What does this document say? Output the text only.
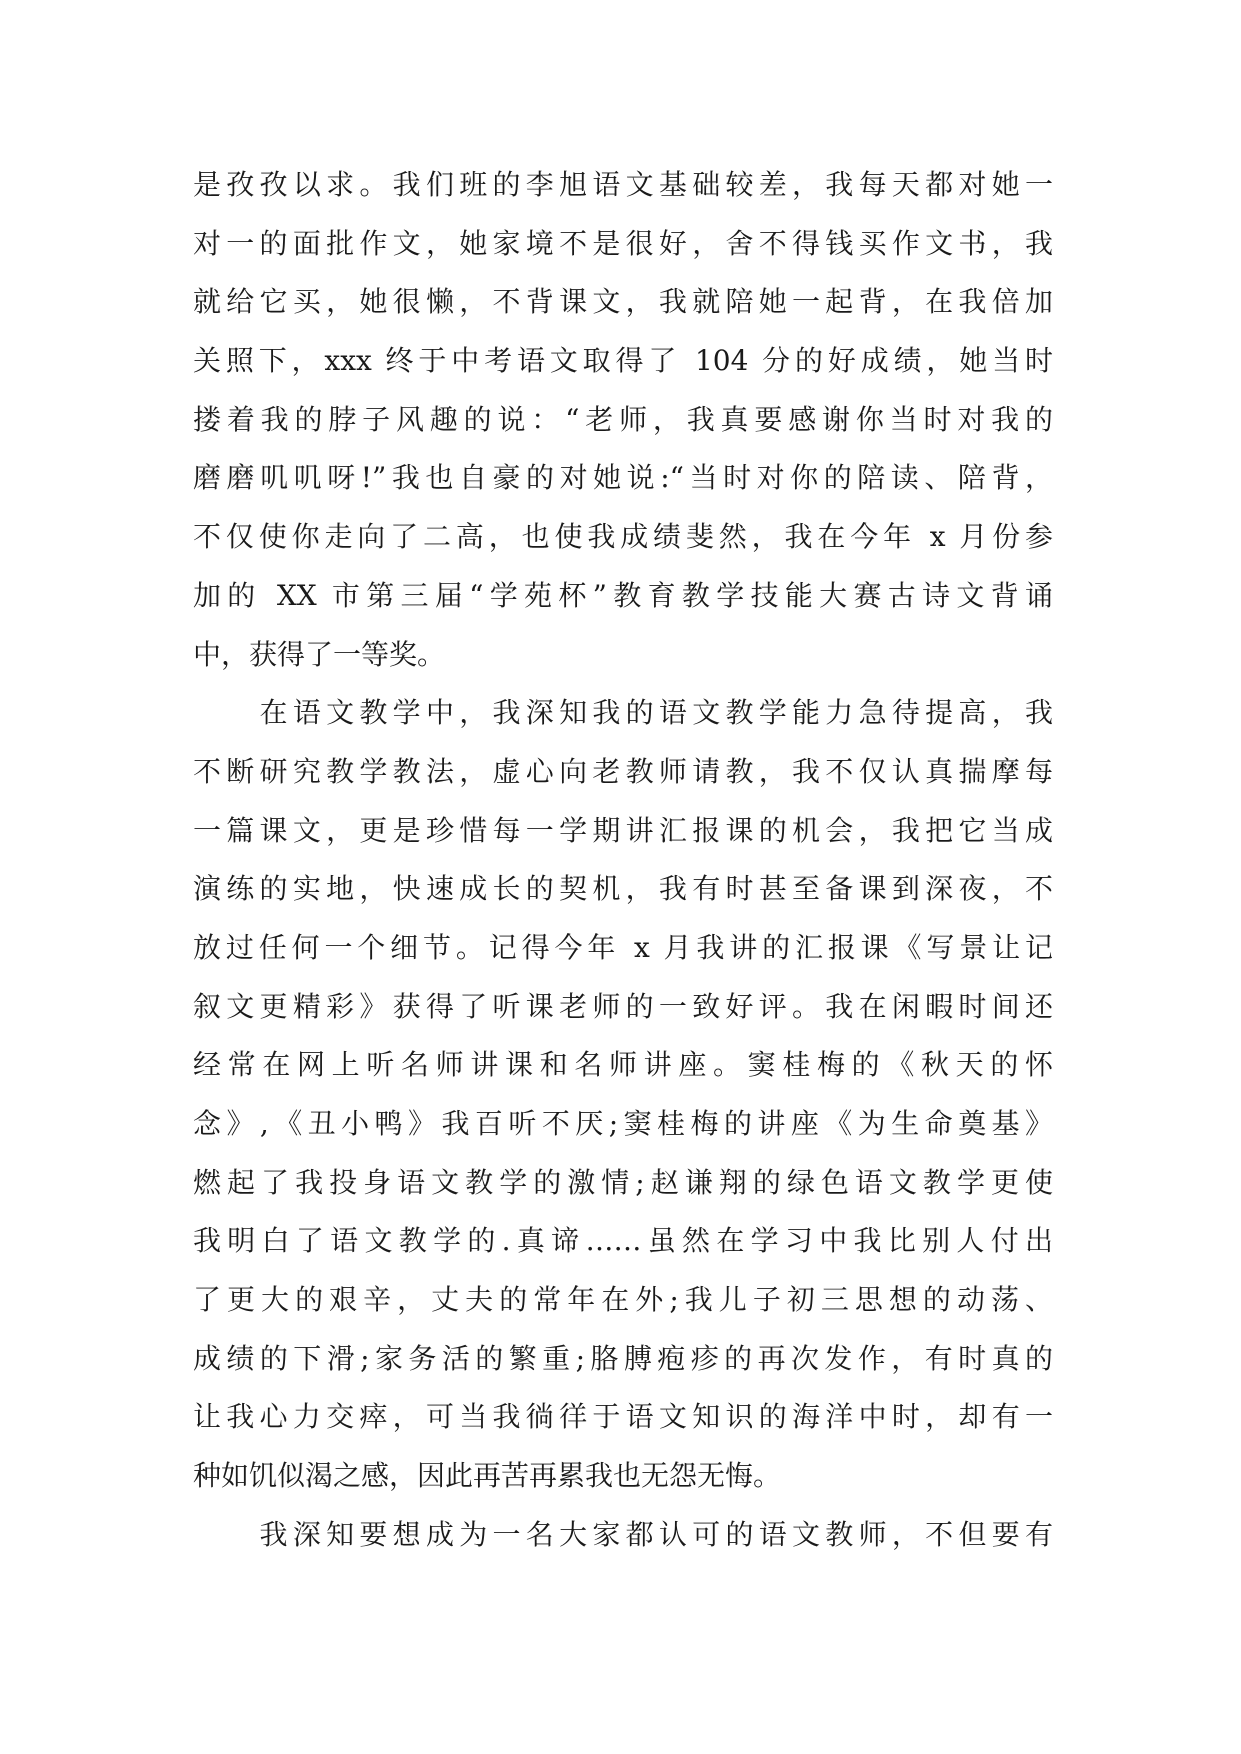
是孜孜以求。我们班的李旭语文基础较差，我每天都对她一
对一的面批作文，她家境不是很好，舍不得钱买作文书，我
就给它买，她很懒，不背课文，我就陪她一起背，在我倍加
关照下，xxx 终于中考语文取得了 104 分的好成绩，她当时
搂着我的脖子风趣的说：“老师，我真要感谢你当时对我的
磨磨叽叽呀!”我也自豪的对她说:“当时对你的陪读、陪背，
不仅使你走向了二高，也使我成绩斐然，我在今年 x 月份参
加的 XX 市第三届“学苑杯”教育教学技能大赛古诗文背诵
中，获得了一等奖。
　　在语文教学中，我深知我的语文教学能力急待提高，我
不断研究教学教法，虚心向老教师请教，我不仅认真揣摩每
一篇课文，更是珍惜每一学期讲汇报课的机会，我把它当成
演练的实地，快速成长的契机，我有时甚至备课到深夜，不
放过任何一个细节。记得今年 x 月我讲的汇报课《写景让记
叙文更精彩》获得了听课老师的一致好评。我在闲暇时间还
经常在网上听名师讲课和名师讲座。窦桂梅的《秋天的怀
念》,《丑小鸭》我百听不厌;窦桂梅的讲座《为生命奠基》
燃起了我投身语文教学的激情;赵谦翔的绿色语文教学更使
我明白了语文教学的.真谛……虽然在学习中我比别人付出
了更大的艰辛，丈夫的常年在外;我儿子初三思想的动荡、
成绩的下滑;家务活的繁重;胳膊疱疹的再次发作，有时真的
让我心力交瘁，可当我徜徉于语文知识的海洋中时，却有一
种如饥似渴之感，因此再苦再累我也无怨无悔。
　　我深知要想成为一名大家都认可的语文教师，不但要有
